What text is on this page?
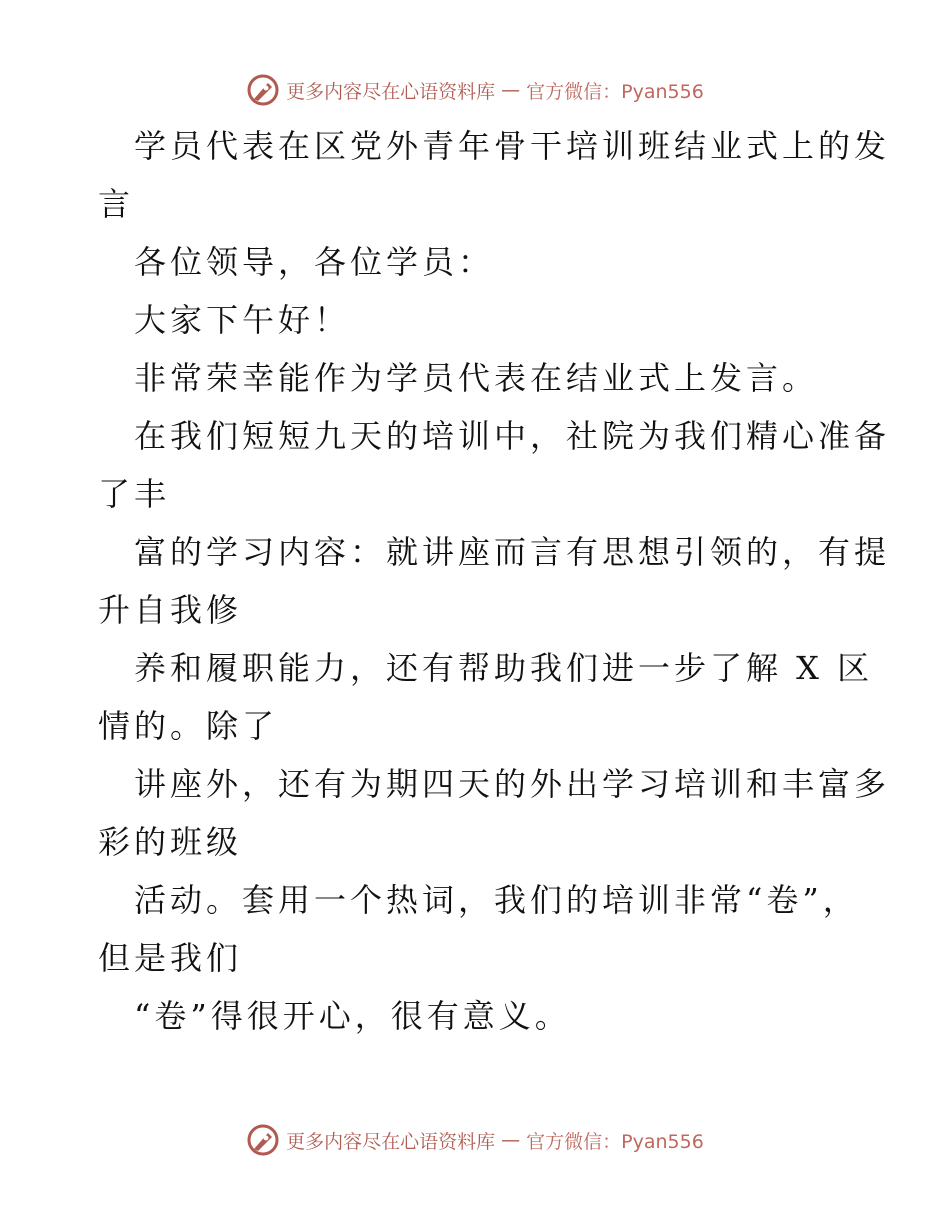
更多内容尽在心语资料库 — 官方微信：Pyan556
学员代表在区党外青年骨干培训班结业式上的发
言
各位领导，各位学员：
大家下午好！
非常荣幸能作为学员代表在结业式上发言。
在我们短短九天的培训中，社院为我们精心准备
了丰
富的学习内容：就讲座而言有思想引领的，有提
升自我修
养和履职能力，还有帮助我们进一步了解 X 区
情的。除了
讲座外，还有为期四天的外出学习培训和丰富多
彩的班级
活动。套用一个热词，我们的培训非常“卷”，
但是我们
“卷”得很开心，很有意义。
更多内容尽在心语资料库 — 官方微信：Pyan556
